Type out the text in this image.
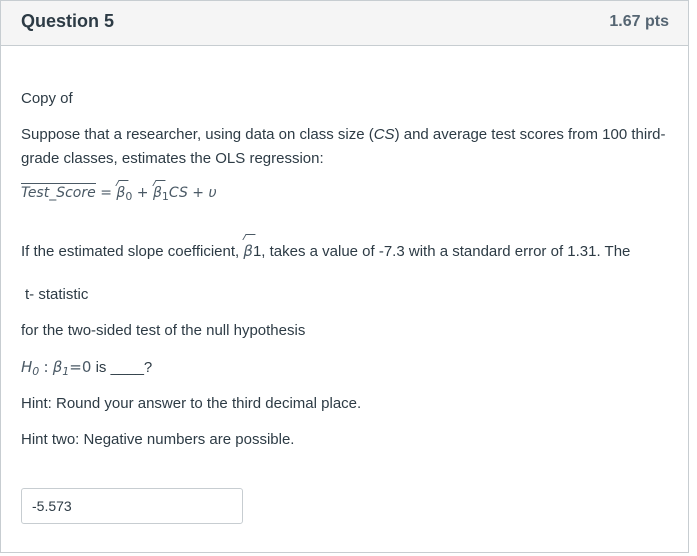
Question 5	1.67 pts
Copy of
Suppose that a researcher, using data on class size (CS) and average test scores from 100 third-grade classes, estimates the OLS regression:
Test_Score = $\beta_0 + \beta_1CS + \upsilon$
If the estimated slope coefficient, β1, takes a value of -7.3 with a standard error of 1.31. The
t- statistic
for the two-sided test of the null hypothesis
$H_0$ : $\beta_1=0$ is ____?
Hint: Round your answer to the third decimal place.
Hint two: Negative numbers are possible.
-5.573
